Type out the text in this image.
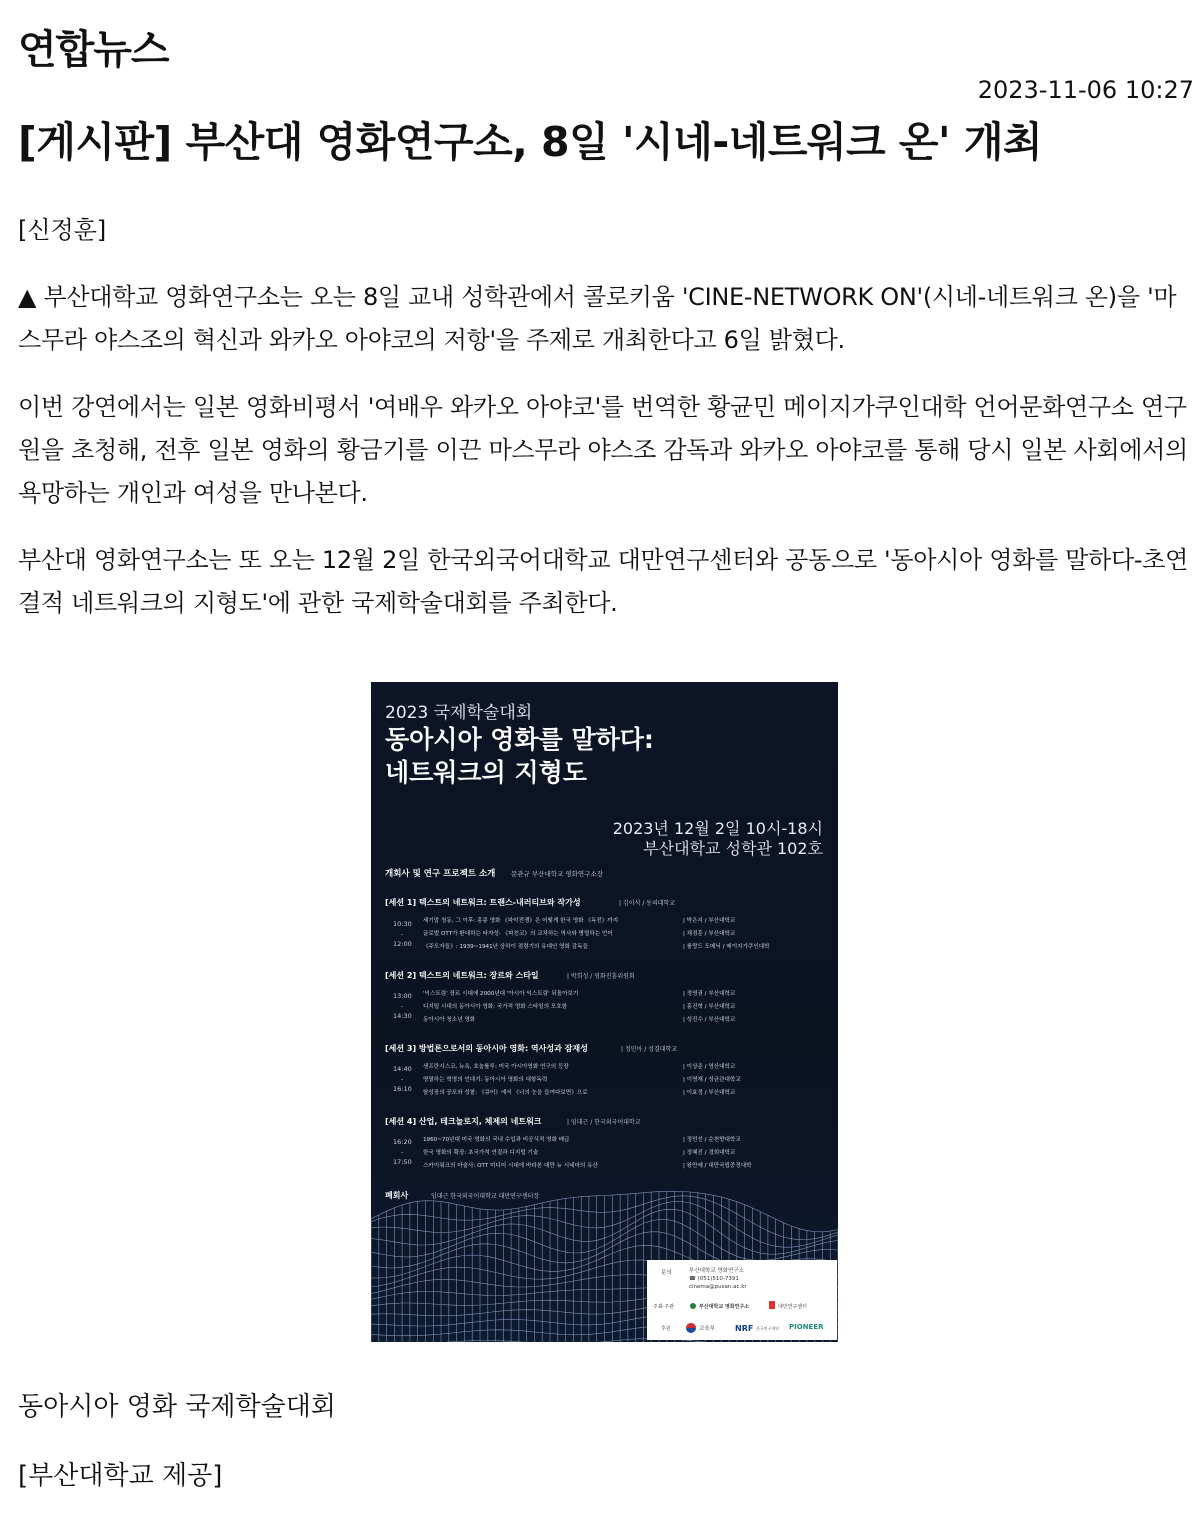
연합뉴스
2023-11-06 10:27
[게시판] 부산대 영화연구소, 8일 '시네-네트워크 온' 개최

[신정훈]

▲ 부산대학교 영화연구소는 오는 8일 교내 성학관에서 콜로키움 'CINE-NETWORK ON'(시네-네트워크 온)을 '마스무라 야스조의 혁신과 와카오 아야코의 저항'을 주제로 개최한다고 6일 밝혔다.

이번 강연에서는 일본 영화비평서 '여배우 와카오 아야코'를 번역한 황균민 메이지가쿠인대학 언어문화연구소 연구원을 초청해, 전후 일본 영화의 황금기를 이끈 마스무라 야스조 감독과 와카오 아야코를 통해 당시 일본 사회에서의 욕망하는 개인과 여성을 만나본다.

부산대 영화연구소는 또 오는 12월 2일 한국외국어대학교 대만연구센터와 공동으로 '동아시아 영화를 말하다-초연결적 네트워크의 지형도'에 관한 국제학술대회를 주최한다.

2023 국제학술대회
동아시아 영화를 말하다:
네트워크의 지형도
2023년 12월 2일 10시-18시
부산대학교 성학관 102호
개회사 및 연구 프로젝트 소개 문관규 부산대학교 영화연구소장
[세션 1] 텍스트의 네트워크: 트랜스-내러티브와 작가성	| 김이석 / 동의대학교
10:30
-
12:00
세기말 청동, 그 이후: 홍콩 영화 《파악전쟁》은 어떻게 한국 영화 《독전》까지	| 박은지 / 부산대학교
글로벌 OTT가 환대하는 타자성: 《파친코》의 교차하는 역사와 병렬하는 언어	| 채경훈 / 부산대학교
《주도자들》: 1939~1941년 상하이 점령기의 유대인 영화 감독들	| 룰랑드 도메닉 / 메이지가쿠인대학
[세션 2] 텍스트의 네트워크: 장르와 스타일	| 박희성 / 영화진흥위원회
13:00
-
14:30
'익스트림' 장르 시대에 2000년대 '아시아 익스트림' 되돌아보기	| 정영권 / 부산대학교
디지털 시대의 동아시아 영화: 국가적 영화 스타일의 모호함	| 홍진혁 / 부산대학교
동아시아 청소년 영화	| 성진수 / 부산대학교
[세션 3] 방법론으로서의 동아시아 영화: 역사성과 잠재성	| 정민아 / 성결대학교
14:40
-
16:10
샌프란시스코, 뉴욕, 호놀룰루: 미국 아시아영화 연구의 등장	| 이상준 / 영산대학교
명멸하는 혁명의 언대기: 동아시아 영화의 대항독력	| 이명재 / 성균관대학교
탈성장의 공포와 성찰: 《큐어》에서 《너의 눈을 들여다보면》으로	| 이효정 / 부산대학교
[세션 4] 산업, 테크놀로지, 체제의 네트워크	| 임대근 / 한국외국어대학교
16:20
-
17:50
1960~70년대 미국 영화의 국내 수입과 비공식적 영화 배급	| 정민선 / 순천향대학교
한국 영화의 확장: 초국가적 연결과 디지털 기술	| 정혜진 / 경희대학교
스카이워크의 마술사: OTT 미디어 시대에 바라본 대만 뉴 시네마의 유산	| 왕만예 / 대만국립중정대학
폐회사	임대근 한국외국어대학교 대만연구센터장
문의	부산대학교 영화연구소
☎ (051)510-7391
cinema@pusan.ac.kr
주최·주관	부산대학교 영화연구소	대만연구센터
후원	교육부	NRF 한국연구재단 PIONEER

동아시아 영화 국제학술대회

[부산대학교 제공]
